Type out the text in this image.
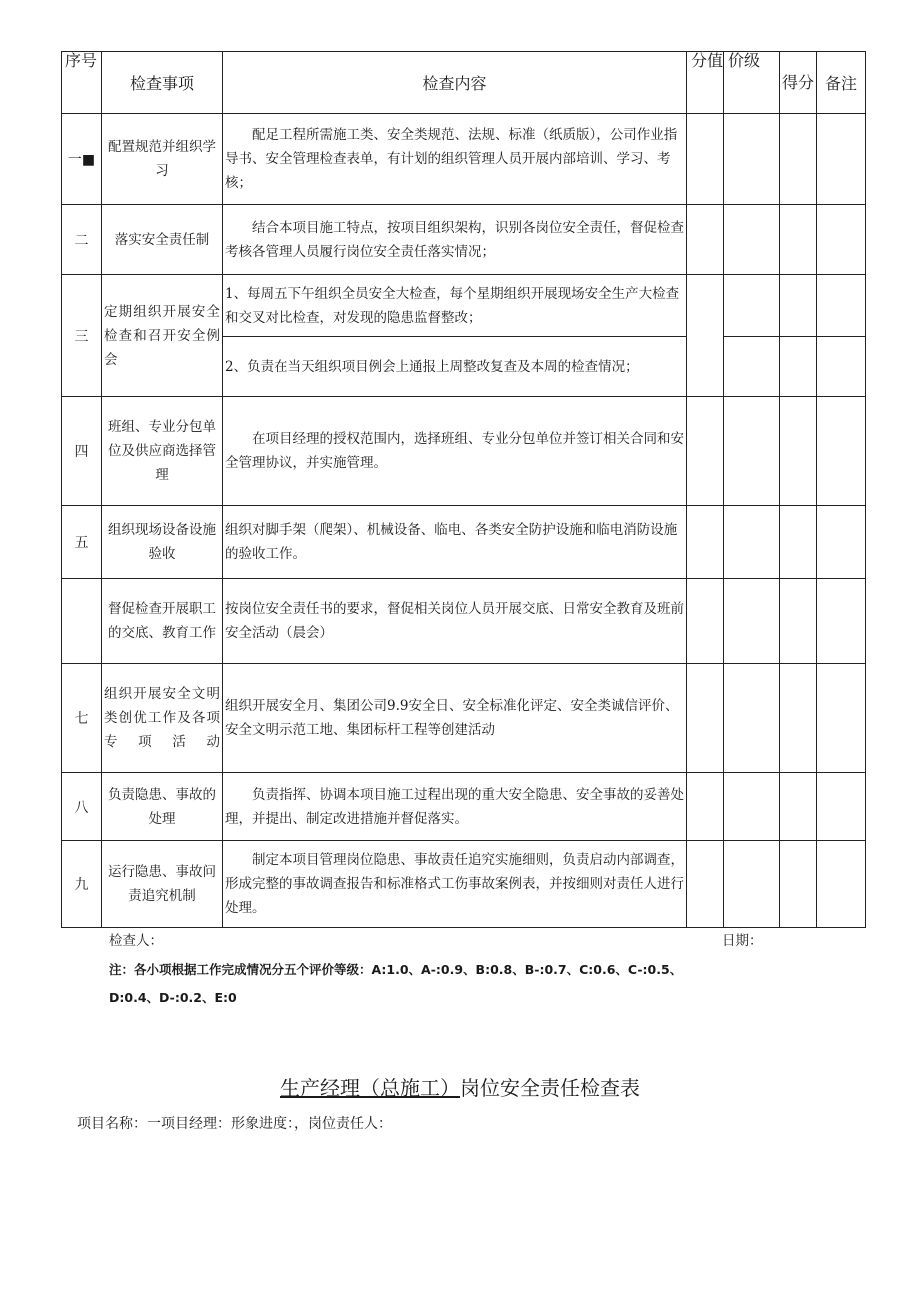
序号	检查事项	检查内容	分值	价级	得分	备注
一■	配置规范并组织学习	配足工程所需施工类、安全类规范、法规、标准（纸质版），公司作业指导书、安全管理检查表单，有计划的组织管理人员开展内部培训、学习、考核；				

二	落实安全责任制	结合本项目施工特点，按项目组织架构，识别各岗位安全责任，督促检查考核各管理人员履行岗位安全责任落实情况；				

三	定期组织开展安全检查和召开安全例会	1、每周五下午组织全员安全大检查，每个星期组织开展现场安全生产大检查和交叉对比检查，对发现的隐患监督整改；				
		2、负责在当天组织项目例会上通报上周整改复查及本周的检查情况；				
四	班组、专业分包单位及供应商选择管理	在项目经理的授权范围内，选择班组、专业分包单位并签订相关合同和安全管理协议，并实施管理。				

五	组织现场设备设施验收	组织对脚手架（爬架）、机械设备、临电、各类安全防护设施和临电消防设施的验收工作。				
	督促检查开展职工的交底、教育工作	按岗位安全责任书的要求，督促相关岗位人员开展交底、日常安全教育及班前安全活动（晨会）				
七	组织开展安全文明类创优工作及各项专项活动	组织开展安全月、集团公司9.9安全日、安全标准化评定、安全类诚信评价、安全文明示范工地、集团标杆工程等创建活动				
八	负责隐患、事故的处理	负责指挥、协调本项目施工过程出现的重大安全隐患、安全事故的妥善处理，并提出、制定改进措施并督促落实。				

九	运行隐患、事故问责追究机制	制定本项目管理岗位隐患、事故责任追究实施细则，负责启动内部调查，形成完整的事故调查报告和标准格式工伤事故案例表，并按细则对责任人进行处理。				

检查人：	日期：
注：各小项根据工作完成情况分五个评价等级：A:1.0、A-:0.9、B:0.8、B-:0.7、C:0.6、C-:0.5、
D:0.4、D-:0.2、E:0
生产经理（总施工）岗位安全责任检查表
项目名称：一项目经理：形象进度：，岗位责任人：
